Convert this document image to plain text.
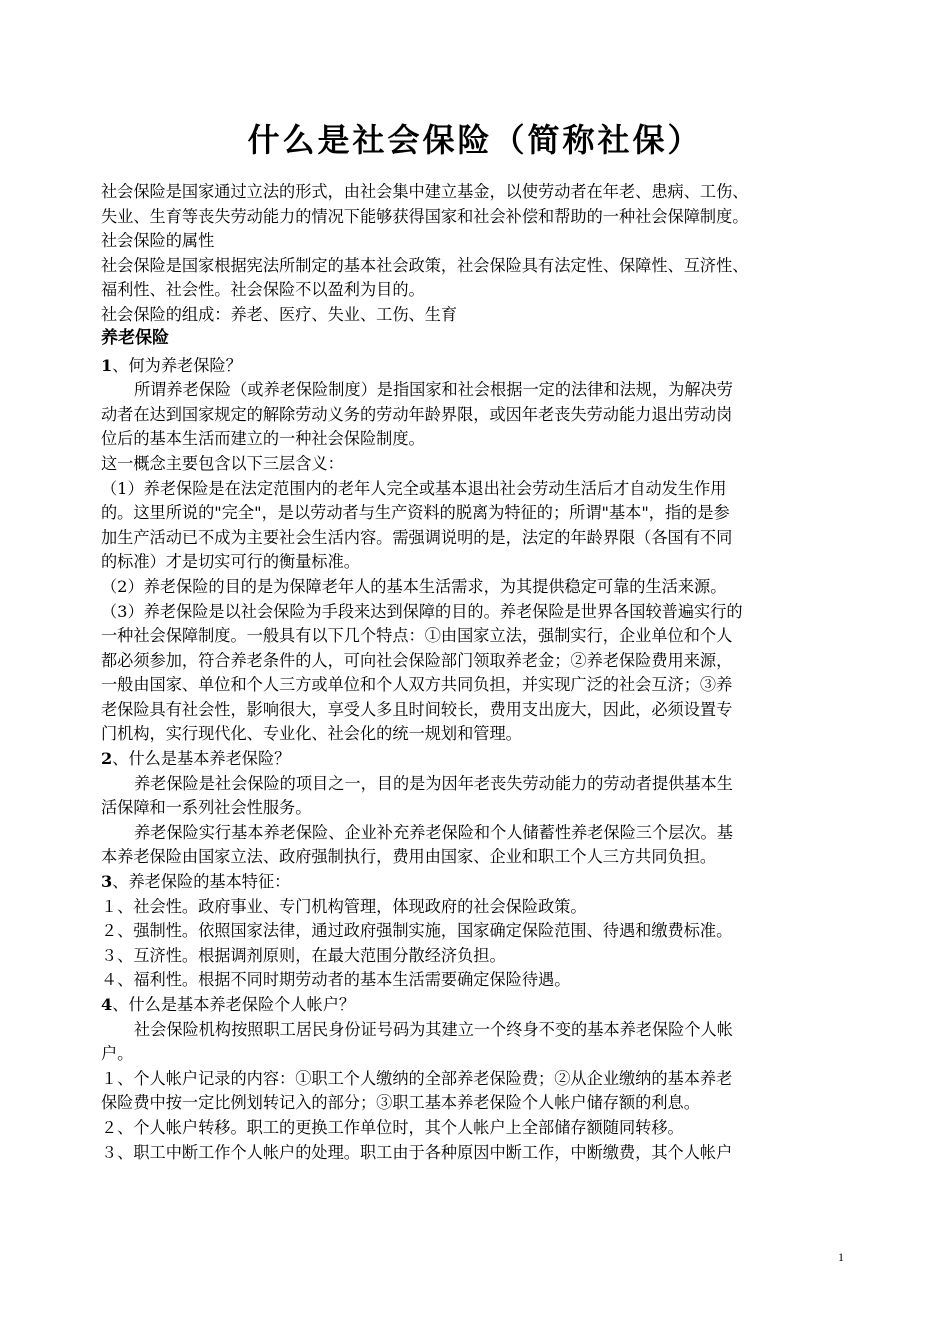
什么是社会保险（简称社保）

社会保险是国家通过立法的形式，由社会集中建立基金，以使劳动者在年老、患病、工伤、

失业、生育等丧失劳动能力的情况下能够获得国家和社会补偿和帮助的一种社会保障制度。

社会保险的属性

社会保险是国家根据宪法所制定的基本社会政策，社会保险具有法定性、保障性、互济性、

福利性、社会性。社会保险不以盈利为目的。

社会保险的组成：养老、医疗、失业、工伤、生育

养老保险

1、何为养老保险？

所谓养老保险（或养老保险制度）是指国家和社会根据一定的法律和法规，为解决劳

动者在达到国家规定的解除劳动义务的劳动年龄界限，或因年老丧失劳动能力退出劳动岗

位后的基本生活而建立的一种社会保险制度。

这一概念主要包含以下三层含义：

（1）养老保险是在法定范围内的老年人完全或基本退出社会劳动生活后才自动发生作用

的。这里所说的"完全"，是以劳动者与生产资料的脱离为特征的；所谓"基本"，指的是参

加生产活动已不成为主要社会生活内容。需强调说明的是，法定的年龄界限（各国有不同

的标准）才是切实可行的衡量标准。

（2）养老保险的目的是为保障老年人的基本生活需求，为其提供稳定可靠的生活来源。

（3）养老保险是以社会保险为手段来达到保障的目的。养老保险是世界各国较普遍实行的

一种社会保障制度。一般具有以下几个特点：①由国家立法，强制实行，企业单位和个人

都必须参加，符合养老条件的人，可向社会保险部门领取养老金；②养老保险费用来源，

一般由国家、单位和个人三方或单位和个人双方共同负担，并实现广泛的社会互济；③养

老保险具有社会性，影响很大，享受人多且时间较长，费用支出庞大，因此，必须设置专

门机构，实行现代化、专业化、社会化的统一规划和管理。

2、什么是基本养老保险？

养老保险是社会保险的项目之一，目的是为因年老丧失劳动能力的劳动者提供基本生

活保障和一系列社会性服务。

养老保险实行基本养老保险、企业补充养老保险和个人储蓄性养老保险三个层次。基

本养老保险由国家立法、政府强制执行，费用由国家、企业和职工个人三方共同负担。

3、养老保险的基本特征：

１、社会性。政府事业、专门机构管理，体现政府的社会保险政策。

２、强制性。依照国家法律，通过政府强制实施，国家确定保险范围、待遇和缴费标准。

３、互济性。根据调剂原则，在最大范围分散经济负担。

４、福利性。根据不同时期劳动者的基本生活需要确定保险待遇。

4、什么是基本养老保险个人帐户？

社会保险机构按照职工居民身份证号码为其建立一个终身不变的基本养老保险个人帐

户。

１、个人帐户记录的内容：①职工个人缴纳的全部养老保险费；②从企业缴纳的基本养老

保险费中按一定比例划转记入的部分；③职工基本养老保险个人帐户储存额的利息。

２、个人帐户转移。职工的更换工作单位时，其个人帐户上全部储存额随同转移。

３、职工中断工作个人帐户的处理。职工由于各种原因中断工作，中断缴费，其个人帐户

1
